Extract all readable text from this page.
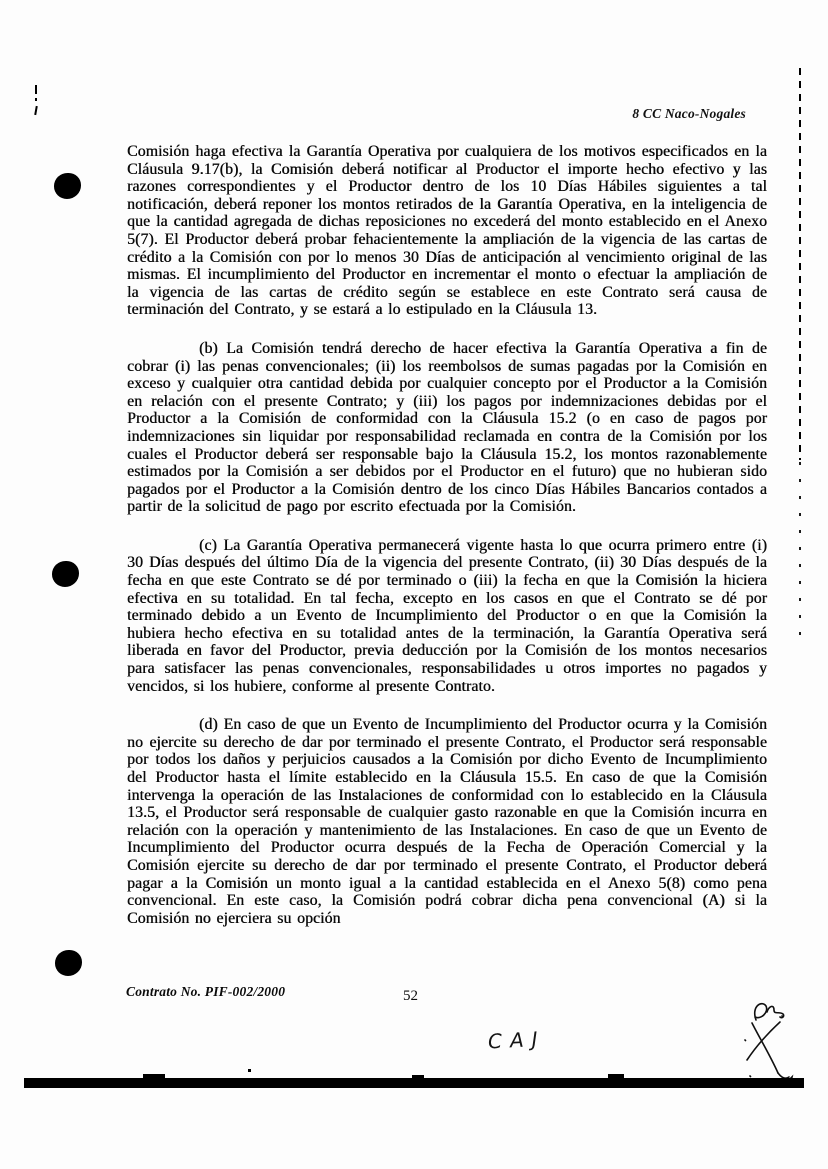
8 CC Naco-Nogales

Comisión haga efectiva la Garantía Operativa por cualquiera de los motivos especificados en la Cláusula 9.17(b), la Comisión deberá notificar al Productor el importe hecho efectivo y las razones correspondientes y el Productor dentro de los 10 Días Hábiles siguientes a tal notificación, deberá reponer los montos retirados de la Garantía Operativa, en la inteligencia de que la cantidad agregada de dichas reposiciones no excederá del monto establecido en el Anexo 5(7). El Productor deberá probar fehacientemente la ampliación de la vigencia de las cartas de crédito a la Comisión con por lo menos 30 Días de anticipación al vencimiento original de las mismas. El incumplimiento del Productor en incrementar el monto o efectuar la ampliación de la vigencia de las cartas de crédito según se establece en este Contrato será causa de terminación del Contrato, y se estará a lo estipulado en la Cláusula 13.

(b) La Comisión tendrá derecho de hacer efectiva la Garantía Operativa a fin de cobrar (i) las penas convencionales; (ii) los reembolsos de sumas pagadas por la Comisión en exceso y cualquier otra cantidad debida por cualquier concepto por el Productor a la Comisión en relación con el presente Contrato; y (iii) los pagos por indemnizaciones debidas por el Productor a la Comisión de conformidad con la Cláusula 15.2 (o en caso de pagos por indemnizaciones sin liquidar por responsabilidad reclamada en contra de la Comisión por los cuales el Productor deberá ser responsable bajo la Cláusula 15.2, los montos razonablemente estimados por la Comisión a ser debidos por el Productor en el futuro) que no hubieran sido pagados por el Productor a la Comisión dentro de los cinco Días Hábiles Bancarios contados a partir de la solicitud de pago por escrito efectuada por la Comisión.

(c) La Garantía Operativa permanecerá vigente hasta lo que ocurra primero entre (i) 30 Días después del último Día de la vigencia del presente Contrato, (ii) 30 Días después de la fecha en que este Contrato se dé por terminado o (iii) la fecha en que la Comisión la hiciera efectiva en su totalidad. En tal fecha, excepto en los casos en que el Contrato se dé por terminado debido a un Evento de Incumplimiento del Productor o en que la Comisión la hubiera hecho efectiva en su totalidad antes de la terminación, la Garantía Operativa será liberada en favor del Productor, previa deducción por la Comisión de los montos necesarios para satisfacer las penas convencionales, responsabilidades u otros importes no pagados y vencidos, si los hubiere, conforme al presente Contrato.

(d) En caso de que un Evento de Incumplimiento del Productor ocurra y la Comisión no ejercite su derecho de dar por terminado el presente Contrato, el Productor será responsable por todos los daños y perjuicios causados a la Comisión por dicho Evento de Incumplimiento del Productor hasta el límite establecido en la Cláusula 15.5. En caso de que la Comisión intervenga la operación de las Instalaciones de conformidad con lo establecido en la Cláusula 13.5, el Productor será responsable de cualquier gasto razonable en que la Comisión incurra en relación con la operación y mantenimiento de las Instalaciones. En caso de que un Evento de Incumplimiento del Productor ocurra después de la Fecha de Operación Comercial y la Comisión ejercite su derecho de dar por terminado el presente Contrato, el Productor deberá pagar a la Comisión un monto igual a la cantidad establecida en el Anexo 5(8) como pena convencional. En este caso, la Comisión podrá cobrar dicha pena convencional (A) si la Comisión no ejerciera su opción

Contrato No. PIF-002/2000	52
CAJ
